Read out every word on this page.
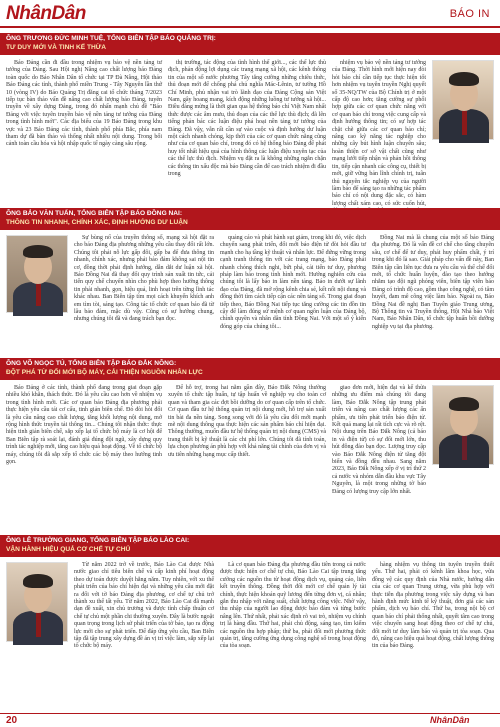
NhânDân	BÁO IN
ÔNG TRƯƠNG ĐỨC MINH TUỆ, TỔNG BIÊN TẬP BÁO QUẢNG TRỊ:
TƯ DUY MỚI VÀ TINH KẾ THỪA

Báo Đảng cần đi đầu trong nhiệm vụ bảo vệ nền tảng tư tưởng của Đảng. Sau Hội nghị Nâng cao chất lượng báo Đảng toàn quốc do Báo Nhân Dân tổ chức tại TP Đà Nẵng, Hội thảo Báo Đảng các tỉnh, thành phố miền Trung - Tây Nguyên lần thứ 10 (vòng IV) do Báo Quảng Trị đăng cai tổ chức tháng 7/2023 tiếp tục bàn thảo vấn đề nâng cao chất lượng báo Đảng, tuyên truyền về xây dựng Đảng, trong đó nhấn mạnh chủ đề "Báo Đảng với việc tuyên truyền bảo vệ nền tảng tư tưởng của Đảng trong tình hình mới". Các địa biểu của 19 Báo Đảng trong khu vực và 23 Báo Đảng các tỉnh, thành phố phía Bắc, phía nam tham dự đã bàn thảo và thống nhất nhiều nội dung. Trong bối cảnh toàn cầu hóa và hội nhập quốc tế ngày càng sâu rộng.

thị trường, tác động của tình hình thế giới..., các thế lực thù địch, phản động lợi dụng các trang mạng xã hội, các kênh thông tin của một số nước phương Tây tăng cường những chiêu thức, thủ đoạn mới để chống phá chủ nghĩa Mác-Lênin, tư tưởng Hồ Chí Minh, phủ nhận vai trò lãnh đạo của Đảng Cộng sản Việt Nam, gây hoang mang, kích động những luồng tư tưởng xã hội... Điều đáng mừng là thời gian qua hệ thống báo chí Việt Nam nhất thức được các âm mưu, thủ đoạn của các thế lực thù địch; đã lên tiếng phản bác các luận điệu phá hoại nền tảng tư tưởng của Đảng. Đã vậy, vẫn rất cần sự vào cuộc và định hướng dư luận một cách nhanh chóng, kịp thời của các cơ quan chức năng cũng như của cơ quan báo chí, trong đó có hệ thống báo Đảng để phát huy tốt nhất hiệu quả của hình thông các luận điệu xuyên tạc của các thế lực thù địch. Nhiệm vụ đặt ra là không những ngắn chặn các thông tin xấu độc mà báo Đảng cần để cao trách nhiệm đi đầu trong

nhiệm vụ bảo vệ nền tảng tư tưởng của Đảng. Thời hình mới hiện nay đòi hỏi báo chí cần tiếp tục thực hiện tốt hơn nhiệm vụ tuyên truyền Nghị quyết số 35-NQ/TW của Bộ Chính trị ở một cấp độ cao hơn; tăng cường sự phối hợp giữa các cơ quan chức năng với cơ quan báo chí trong việc cung cấp và định hướng thông tin; có sự hợp tác chặt chẽ giữa các cơ quan báo chí; nâng cao kỹ năng tác nghiệp cho những cây bút hình luận chuyên sâu; hoàn thiện cơ sở vật chất cũng như mạng lưới tiếp nhận và phản hồi thông tin, tiếp cận nhanh các công cụ, thiết bị mới, giữ vững bản lĩnh chính trị, tuân thủ nguyên tắc nghiệp vụ của người làm báo để sáng tạo ra những tác phẩm báo chí có nội dung đặc sắc, có hàm lượng chất xám cao, có sức cuốn hút,

ÔNG BẢO VĂN TUẤN, TỔNG BIÊN TẬP BÁO ĐỒNG NAI:
THÔNG TIN NHANH, CHÍNH XÁC, ĐỊNH HƯỚNG DƯ LUẬN

Sự bùng nổ của truyền thông số, mạng xã hội đặt ra cho báo Đảng địa phương những yêu cầu thay đổi rất lớn. Chúng tôi phải nỗ lực gấp đôi, gấp ba để đưa thông tin nhanh, chính xác, nhưng phải bảo đảm không sai nội tin cơ, đồng thời phải định hướng, dẫn dắt dư luận xã hội. Báo Đồng Nai đã thay đổi quy trình sản xuất tin tức, cải tiến quy chế chuyển nhìn cho phù hợp theo hướng thông tin phải nhanh, gọn, hiệu quả, linh hoạt trên từng lĩnh tác khác nhau. Ban Biên tập tìm mọi cách khuyến khích anh em tìm tòi, sáng tạo. Công tác tổ chức cơ quan báo đã từ lâu bảo đảm, mặc dù vậy. Cũng có sự hướng chung, nhưng chúng tôi đã và đang trách bạn đọc.

quảng cáo và phát hành sụt giảm, trong khi đó, việc dịch chuyển sang phát triển, đổi mới báo điện tử đòi hỏi đầu tư mạnh cho hạ tầng kỹ thuật và nhân lực. Để đứng vững trong cạnh tranh thông tin với các trang mạng, báo Đảng phải nhanh chóng thích nghi, bứt phá, cải tiến tư duy, phương pháp làm báo trong tình hình mới. Hướng nghiên cứu của chúng tôi là lấy báo in làm nền tảng. Báo in dưới sự lãnh đạo của Đảng, đã mở rộng kênh chia sẻ, kết nối nội dung và đồng thời tìm cách tiếp cận các nền tảng số. Trong giai đoạn tiếp theo, Báo Đồng Nai tiếp tục tăng cường các tin đồn tin cậy để làm đúng sứ mệnh cơ quan ngôn luận của Đảng bộ, chính quyền và nhân dân tỉnh Đồng Nai. Với một số ý kiến đóng góp của chúng tôi...

Đồng Nai mà là chung của một số báo Đảng địa phương. Đó là vấn đề cơ chế cho tầng chuyên sâu, cơ chế để tư duy, phát huy phẩm chất, ý trí trong khi đó là sao. Giải pháp cho vấn đề này, Ban Biên tập cần liên tục đưa ra yêu cầu và thể chế đổi mới, tổ chức huấn luyện, đào tạo theo hướng nhằm tạo đội ngũ phóng viên, biên tập viên báo Đảng có trình độ cao, gồm thạo công nghệ, có tâm huyết, đam mê công việc làm báo. Ngoài ra, Báo Đồng Nai đề nghị Ban Tuyên giáo Trung ương, Bộ Thông tin và Truyền thông, Hội Nhà báo Việt Nam, Báo Nhân Dân, tổ chức tập huấn bồi dưỡng nghiệp vụ tại địa phương.

ÔNG VÕ NGỌC TÚ, TỔNG BIÊN TẬP BÁO ĐẮK NÔNG:
ĐỘT PHÁ TỪ ĐỔI MỚI BỘ MÁY, CẢI THIỆN NGUỒN NHÂN LỰC

Báo Đảng ở các tỉnh, thành phố đang trong giai đoạn gặp nhiều khó khăn, thách thức. Đó là yêu cầu cao hơn về nhiệm vụ trong tình hình mới. Các cơ quan báo Đảng địa phương phải thực hiện yêu cầu tái cơ cấu, tinh giản biên chế. Đó đòi hỏi đổi là yêu cầu nâng cao chất lượng, tăng khối lượng nội dung, mở rộng hình thức truyền tải thông tin... Chúng tôi nhận thức: thực hiện tinh giản biên chế, sắp xếp lại tổ chức bộ máy là cơ hội để Ban Biên tập rà soát lại, đánh giá đúng đội ngũ, xây dựng quy trình tác nghiệp mới, tăng cao hiệu quả hoạt động. Về tổ chức bộ máy, chúng tôi đã sắp xếp tổ chức các bộ máy theo hướng tinh gọn.

Để hỗ trợ, trong hai năm gần đây, Báo Đắk Nông thường xuyên tổ chức tập huấn, tự tập huấn về nghiệp vụ cho toàn cơ quan và tham gia các đợt bồi dưỡng do cơ quan cấp trên tổ chức. Cơ quan đầu tư hệ thống quản trị nội dung mới, hỗ trợ sản xuất tin bài đa nền tảng. Song song với đó là yêu cầu đổi mới mạnh mẽ nội dung thông qua thực hiện các sản phẩm báo chí hiện đại. Thông thường, muốn đầu tư hệ thống quản trị nội dung (CMS) và trang thiết bị kỹ thuật là các chi phí lớn. Chúng tôi đã tính toán, lựa chọn phương án phù hợp với khả năng tài chính của đơn vị và ưu tiên những hạng mục cấp thiết.

giao đơn mới, hiện đại và kế thừa những ưu điểm mà chúng tôi đang làm, Báo Đắk Nông tập trung phát triển và nâng cao chất lượng các ấn phẩm, ưu tiên phát triển báo điện tử. Kết quả mang lại rất tích cực và rõ rệt. Nội dung trên Báo Đắk Nông (cả báo in và điện tử) có sự đổi mới lớn, thu hút đông đảo bạn đọc. Lượng truy cập vào Báo Đắk Nông điện tử tăng đột biến và đồng đều nhau. Sang năm 2023, Báo Đắk Nông xếp ở vị trí thứ 2 cả nước và nhóm dẫn đầu khu vực Tây Nguyên, là một trong những tờ báo Đảng có lượng truy cập lớn nhất.

ÔNG LÊ TRƯỜNG GIANG, TỔNG BIÊN TẬP BÁO LÀO CAI:
VẬN HÀNH HIỆU QUẢ CƠ CHẾ TỰ CHỦ

Từ năm 2022 trở về trước, Báo Lào Cai được Nhà nước giao chỉ tiêu biên chế và cấp kinh phí hoạt động theo dự toán được duyệt hằng năm. Tuy nhiên, với xu thế phát triển của báo chí hiện đại và những yêu cầu mới đặt ra đối với tờ báo Đảng địa phương, cơ chế tự chủ trở thành xu thế tất yếu. Từ năm 2022, Báo Lào Cai đã mạnh dạn đề xuất, xin chủ trương và được tỉnh chấp thuận cơ chế tự chủ một phần chi thường xuyên. Đây là bước ngoặt quan trọng trong lịch sử phát triển của tờ báo, tạo ra động lực mới cho sự phát triển. Để đáp ứng yêu cầu, Ban Biên tập đã tập trung xây dựng đề án vị trí việc làm, sắp xếp lại tổ chức bộ máy.

Là cơ quan báo Đảng địa phương đầu tiên trong cả nước được thực hiện cơ chế tự chủ, Báo Lào Cai tập trung tăng cường các nguồn thu từ hoạt động dịch vụ, quảng cáo, liên kết truyền thông. Đồng thời đổi mới cơ chế quản lý tài chính, thực hiện khoán quỹ lương đến từng đơn vị, cá nhân; gắn thu nhập với năng suất, chất lượng công việc. Nhờ vậy, thu nhập của người lao động được bảo đảm và từng bước nâng lên. Thứ nhất, phải xác định rõ vai trò, nhiệm vụ chính trị là hàng đầu. Thứ hai, phải chủ động, sáng tạo, tìm kiếm các nguồn thu hợp pháp; thứ ba, phải đổi mới phương thức quản trị, tăng cường ứng dụng công nghệ số trong hoạt động của tòa soạn.

hàng nhiệm vụ thông tin tuyên truyền thiết yếu. Thứ hai, phải có kênh lâm khoa học, vừa đồng vệ các quy định của Nhà nước, hướng dẫn của các cơ quan Trung ương, vừa phù hợp với thực tiễn địa phương trong việc xây dựng và ban hành định mức kinh tế kỹ thuật, đơn giá các sản phẩm, dịch vụ báo chí. Thứ ba, trong nội bộ cơ quan báo chí phải thống nhất, quyết tâm cao trong việc chuyển sang hoạt động theo cơ chế tự chủ, đổi mới tư duy làm báo và quản trị tòa soạn. Qua đó, nâng cao hiệu quả hoạt động, chất lượng thông tin của báo Đảng.

20	NhânDân
